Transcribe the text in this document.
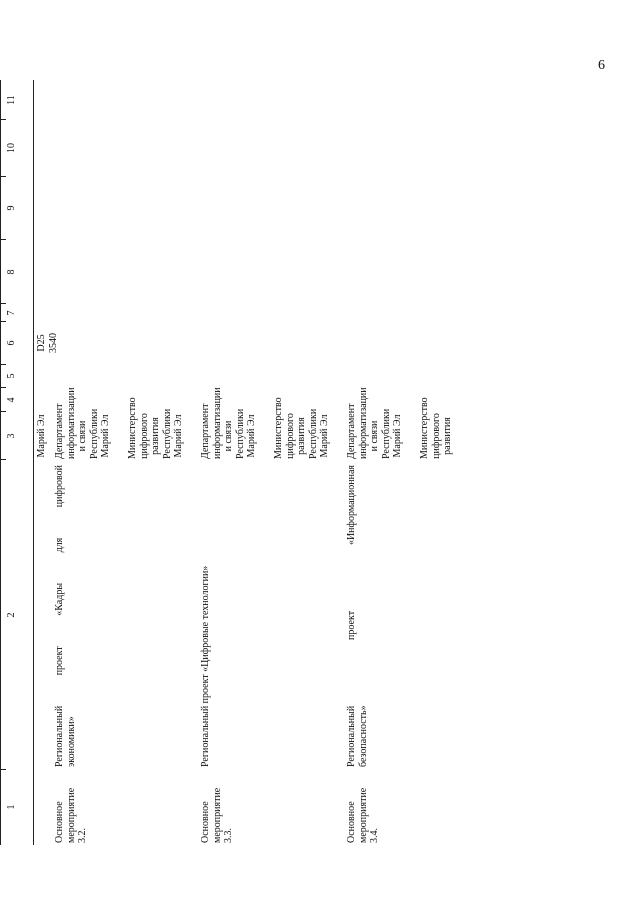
6
1
2
3
4
5
6
7
8
9
10
11
Марий Эл
D25
3540
Основное
мероприятие 3.2.
Региональный проект «Кадры для цифровой
экономики»
Департамент
информатизации
и связи
Республики
Марий Эл Министерство
цифрового
развития
Республики
Марий Эл
Основное
мероприятие 3.3.
Региональный проект «Цифровые технологии»
Департамент
информатизации
и связи
Республики
Марий Эл Министерство
цифрового
развития
Республики
Марий Эл
Основное
мероприятие 3.4.
Региональный проект «Информационная
безопасность»
Департамент
информатизации
и связи
Республики
Марий Эл Министерство
цифрового
развития
